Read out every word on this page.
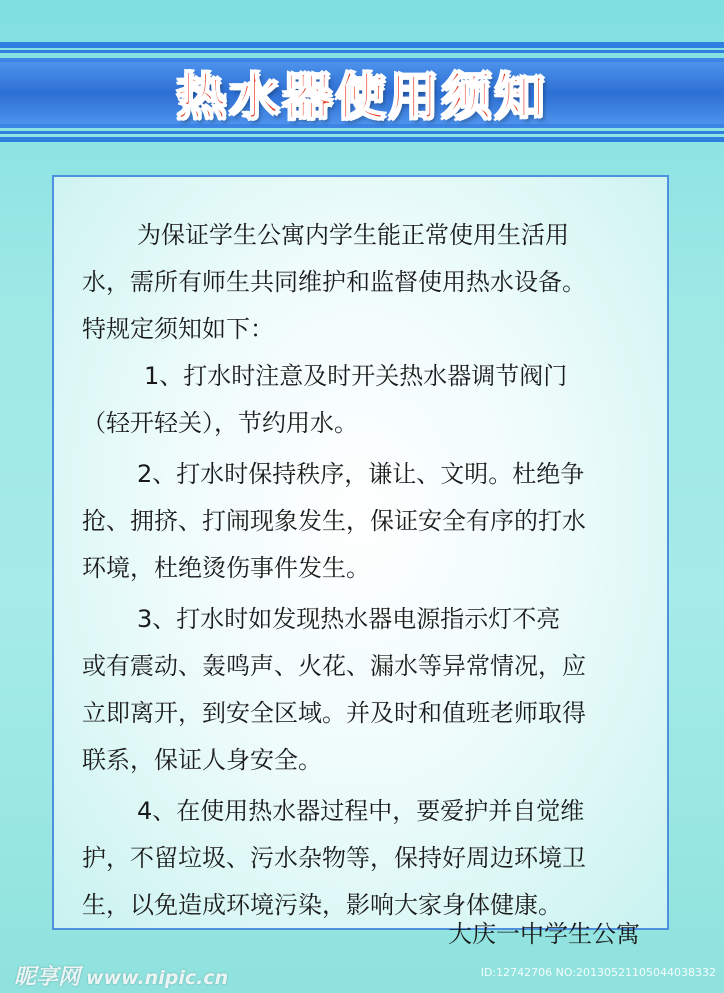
热水器使用须知
为保证学生公寓内学生能正常使用生活用
水，需所有师生共同维护和监督使用热水设备。
特规定须知如下：
1、打水时注意及时开关热水器调节阀门
（轻开轻关），节约用水。
2、打水时保持秩序，谦让、文明。杜绝争
抢、拥挤、打闹现象发生，保证安全有序的打水
环境，杜绝烫伤事件发生。
3、打水时如发现热水器电源指示灯不亮
或有震动、轰鸣声、火花、漏水等异常情况，应
立即离开，到安全区域。并及时和值班老师取得
联系，保证人身安全。
4、在使用热水器过程中，要爱护并自觉维
护，不留垃圾、污水杂物等，保持好周边环境卫
生，以免造成环境污染，影响大家身体健康。
大庆一中学生公寓
昵享网 www.nipic.cn	ID:12742706 NO:20130521105044038332
